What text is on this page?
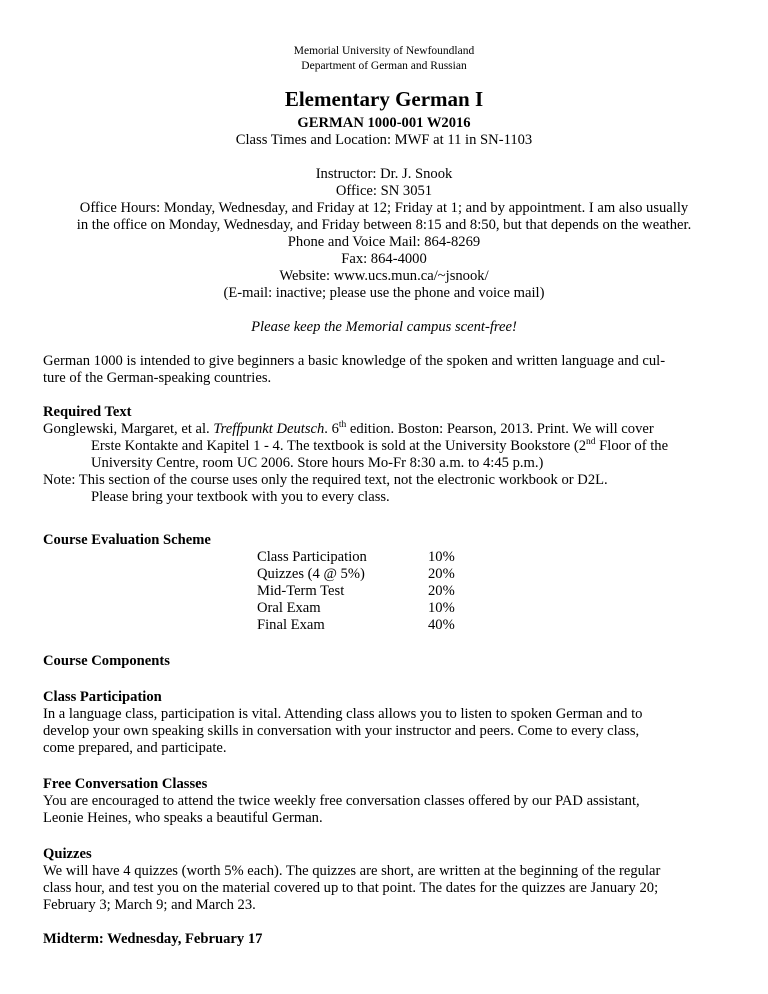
Memorial University of Newfoundland
Department of German and Russian
Elementary German I
GERMAN 1000-001 W2016
Class Times and Location: MWF at 11 in SN-1103
Instructor: Dr. J. Snook
Office: SN 3051
Office Hours: Monday, Wednesday, and Friday at 12; Friday at 1; and by appointment. I am also usually
in the office on Monday, Wednesday, and Friday between 8:15 and 8:50, but that depends on the weather.
Phone and Voice Mail: 864-8269
Fax: 864-4000
Website: www.ucs.mun.ca/~jsnook/
(E-mail: inactive; please use the phone and voice mail)
Please keep the Memorial campus scent-free!
German 1000 is intended to give beginners a basic knowledge of the spoken and written language and cul-
ture of the German-speaking countries.
Required Text
Gonglewski, Margaret, et al. Treffpunkt Deutsch. 6th edition. Boston: Pearson, 2013. Print. We will cover
Erste Kontakte and Kapitel 1 - 4. The textbook is sold at the University Bookstore (2nd Floor of the
University Centre, room UC 2006. Store hours Mo-Fr 8:30 a.m. to 4:45 p.m.)
Note: This section of the course uses only the required text, not the electronic workbook or D2L.
Please bring your textbook with you to every class.
Course Evaluation Scheme
Class Participation	10%
Quizzes (4 @ 5%)	20%
Mid-Term Test	20%
Oral Exam	10%
Final Exam	40%
Course Components
Class Participation
In a language class, participation is vital. Attending class allows you to listen to spoken German and to
develop your own speaking skills in conversation with your instructor and peers. Come to every class,
come prepared, and participate.
Free Conversation Classes
You are encouraged to attend the twice weekly free conversation classes offered by our PAD assistant,
Leonie Heines, who speaks a beautiful German.
Quizzes
We will have 4 quizzes (worth 5% each). The quizzes are short, are written at the beginning of the regular
class hour, and test you on the material covered up to that point. The dates for the quizzes are January 20;
February 3; March 9; and March 23.
Midterm: Wednesday, February 17
